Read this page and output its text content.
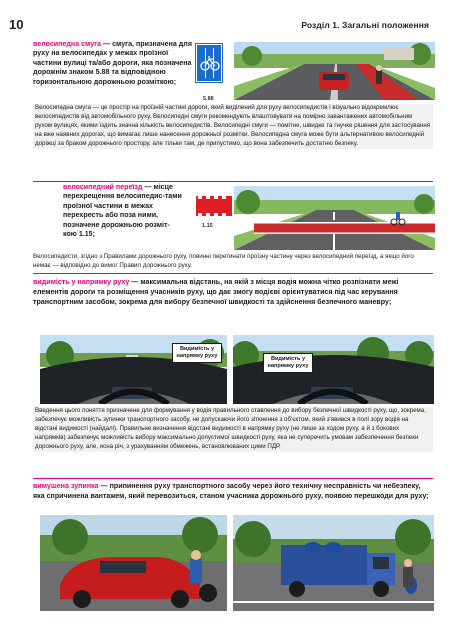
10	Розділ 1. Загальні положення
велосипедна смуга — смуга, призначена для руху на велосипедах у межах проїзної частини вулиці та/або дороги, яка позначена дорожнім знаком 5.88 та відповідною горизонтальною дорожньою розміткою;
5.88
Велосипедна смуга — це простір на проїзній частині дороги, який виділений для руху велосипедистів і візуально відокремлює велосипедистів від автомобільного руху. Велосипедні смуги рекомендують влаштовувати на помірно завантажених автомобільним рухом вулицях, якими їздить значна кількість велосипедистів. Велосипедні смуги — помітне, швидке та гнучке рішення для застосування на вже наявних дорогах, що вимагає лише нанесення дорожньої розмітки. Велосипедна смуга може бути альтернативою велосипедній доріжці за браком дорожнього простору, але тільки там, де припустимо, що вона забезпечить достатню безпеку.
велосипедний переїзд — місце
перехрещення велосипедис-тами проїзної частини в межах перехресть або поза ними, позначене дорожньою розміт-кою 1.15;
1.15
Велосипедисти, згідно з Правилами дорожнього руху, повинні перетинати проїзну частину через велосипедний переїзд, а якщо його немає — відповідно до вимог Правил дорожнього руху.
видимість у напрямку руху — максимальна відстань, на якій з місця водія можна чітко розпізнати межі елементів дороги та розміщення учасників руху, що дає змогу водієві орієнтуватися під час керування транспортним засобом, зокрема для вибору безпечної швидкості та здійснення безпечного маневру;
Видимість у напрямку руху	Видимість у напрямку руху
Введення цього поняття призначене для формування у водія правильного ставлення до вибору безпечної швидкості руху, що, зокрема, забезпечує можливість зупинки транспортного засобу, не допускаючи його зіткнення з об'єктом, який з'явився в полі зору водія на відстані видимості (найдалі). Правильне визначення відстані видимості в напрямку руху (не лише за ходом руху, а й з бокових напрямків) забезпечує можливість вибору максимально допустимої швидкості руху, яка не суперечить умовам забезпечення безпеки дорожнього руху, але, ясна річ, з урахуванням обмежень, встановлюваних цими ПДР.
вимушена зупинка — припинення руху транспортного засобу через його технічну несправність чи небезпеку, яка спричинена вантажем, який перевозиться, станом учасника дорожнього руху, появою перешкоди для руху;
